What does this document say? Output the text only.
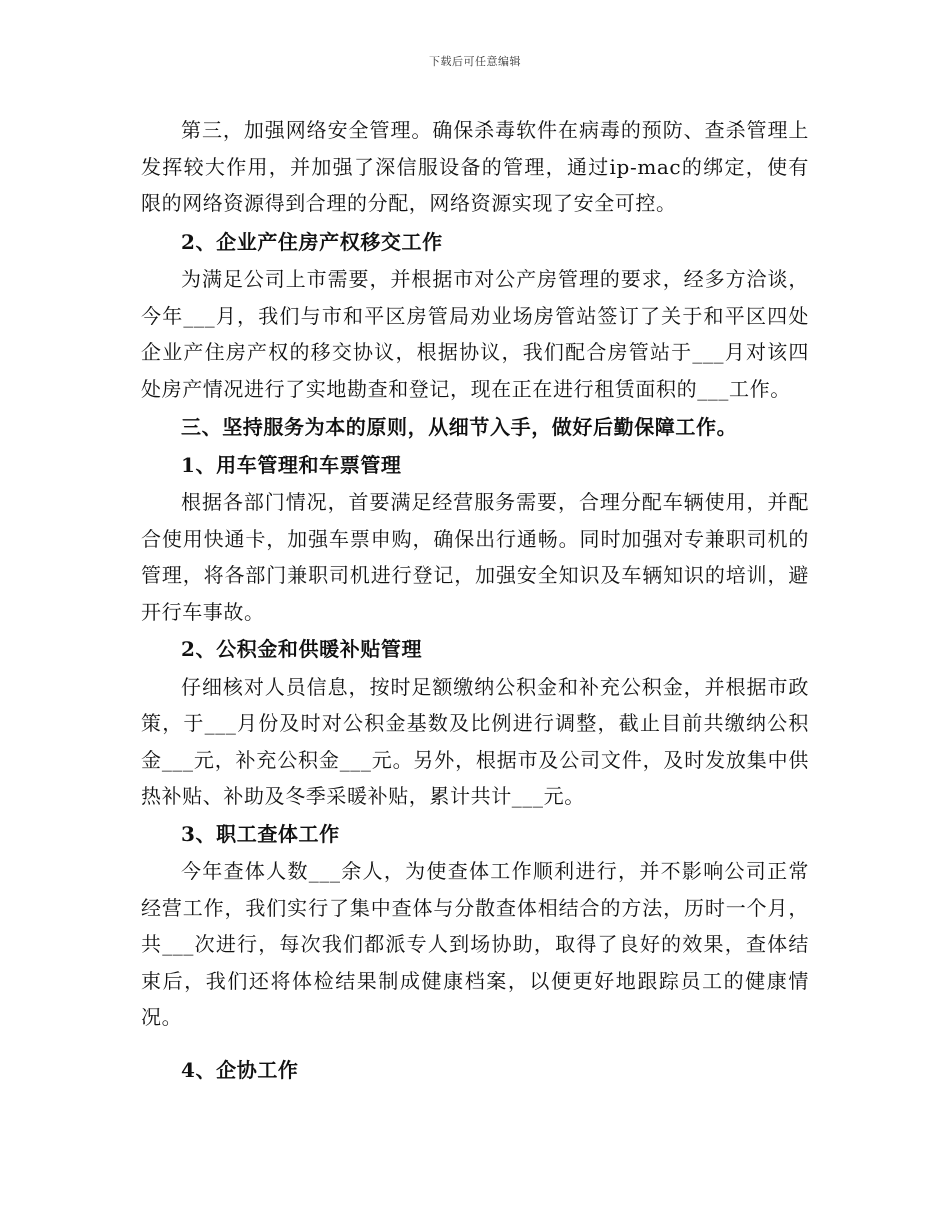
下载后可任意编辑

第三，加强网络安全管理。确保杀毒软件在病毒的预防、查杀管理上发挥较大作用，并加强了深信服设备的管理，通过ip-mac的绑定，使有限的网络资源得到合理的分配，网络资源实现了安全可控。

2、企业产住房产权移交工作

为满足公司上市需要，并根据市对公产房管理的要求，经多方洽谈，今年___月，我们与市和平区房管局劝业场房管站签订了关于和平区四处企业产住房产权的移交协议，根据协议，我们配合房管站于___月对该四处房产情况进行了实地勘查和登记，现在正在进行租赁面积的___工作。

三、坚持服务为本的原则，从细节入手，做好后勤保障工作。

1、用车管理和车票管理

根据各部门情况，首要满足经营服务需要，合理分配车辆使用，并配合使用快通卡，加强车票申购，确保出行通畅。同时加强对专兼职司机的管理，将各部门兼职司机进行登记，加强安全知识及车辆知识的培训，避开行车事故。

2、公积金和供暖补贴管理

仔细核对人员信息，按时足额缴纳公积金和补充公积金，并根据市政策，于___月份及时对公积金基数及比例进行调整，截止目前共缴纳公积金___元，补充公积金___元。另外，根据市及公司文件，及时发放集中供热补贴、补助及冬季采暖补贴，累计共计___元。

3、职工查体工作

今年查体人数___余人，为使查体工作顺利进行，并不影响公司正常经营工作，我们实行了集中查体与分散查体相结合的方法，历时一个月，共___次进行，每次我们都派专人到场协助，取得了良好的效果，查体结束后，我们还将体检结果制成健康档案，以便更好地跟踪员工的健康情况。

4、企协工作
